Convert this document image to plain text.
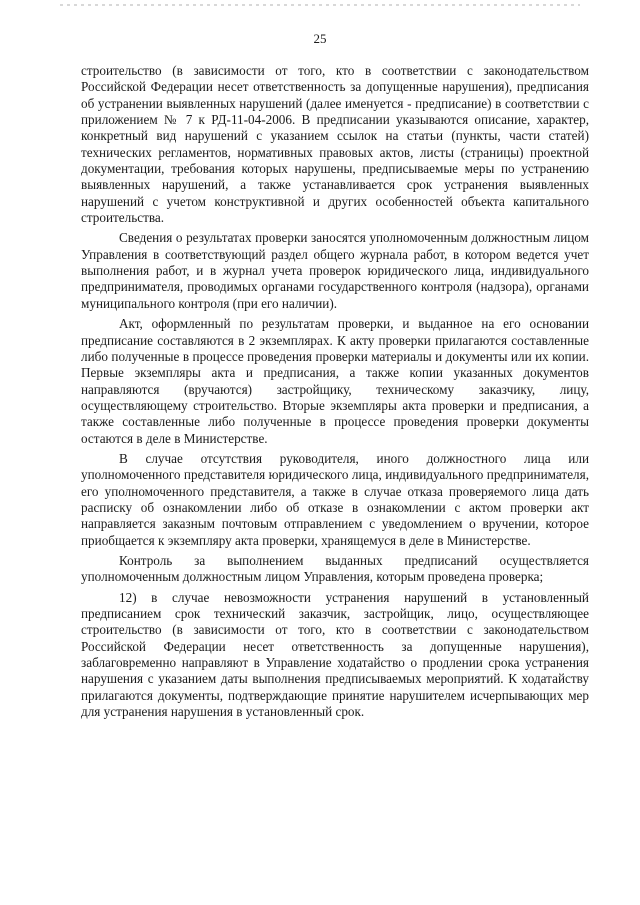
25

строительство (в зависимости от того, кто в соответствии с законодательством Российской Федерации несет ответственность за допущенные нарушения), предписания об устранении выявленных нарушений (далее именуется - предписание) в соответствии с приложением № 7 к РД-11-04-2006. В предписании указываются описание, характер, конкретный вид нарушений с указанием ссылок на статьи (пункты, части статей) технических регламентов, нормативных правовых актов, листы (страницы) проектной документации, требования которых нарушены, предписываемые меры по устранению выявленных нарушений, а также устанавливается срок устранения выявленных нарушений с учетом конструктивной и других особенностей объекта капитального строительства.

Сведения о результатах проверки заносятся уполномоченным должностным лицом Управления в соответствующий раздел общего журнала работ, в котором ведется учет выполнения работ, и в журнал учета проверок юридического лица, индивидуального предпринимателя, проводимых органами государственного контроля (надзора), органами муниципального контроля (при его наличии).

Акт, оформленный по результатам проверки, и выданное на его основании предписание составляются в 2 экземплярах. К акту проверки прилагаются составленные либо полученные в процессе проведения проверки материалы и документы или их копии. Первые экземпляры акта и предписания, а также копии указанных документов направляются (вручаются) застройщику, техническому заказчику, лицу, осуществляющему строительство. Вторые экземпляры акта проверки и предписания, а также составленные либо полученные в процессе проведения проверки документы остаются в деле в Министерстве.

В случае отсутствия руководителя, иного должностного лица или уполномоченного представителя юридического лица, индивидуального предпринимателя, его уполномоченного представителя, а также в случае отказа проверяемого лица дать расписку об ознакомлении либо об отказе в ознакомлении с актом проверки акт направляется заказным почтовым отправлением с уведомлением о вручении, которое приобщается к экземпляру акта проверки, хранящемуся в деле в Министерстве.

Контроль за выполнением выданных предписаний осуществляется уполномоченным должностным лицом Управления, которым проведена проверка;

12) в случае невозможности устранения нарушений в установленный предписанием срок технический заказчик, застройщик, лицо, осуществляющее строительство (в зависимости от того, кто в соответствии с законодательством Российской Федерации несет ответственность за допущенные нарушения), заблаговременно направляют в Управление ходатайство о продлении срока устранения нарушения с указанием даты выполнения предписываемых мероприятий. К ходатайству прилагаются документы, подтверждающие принятие нарушителем исчерпывающих мер для устранения нарушения в установленный срок.
